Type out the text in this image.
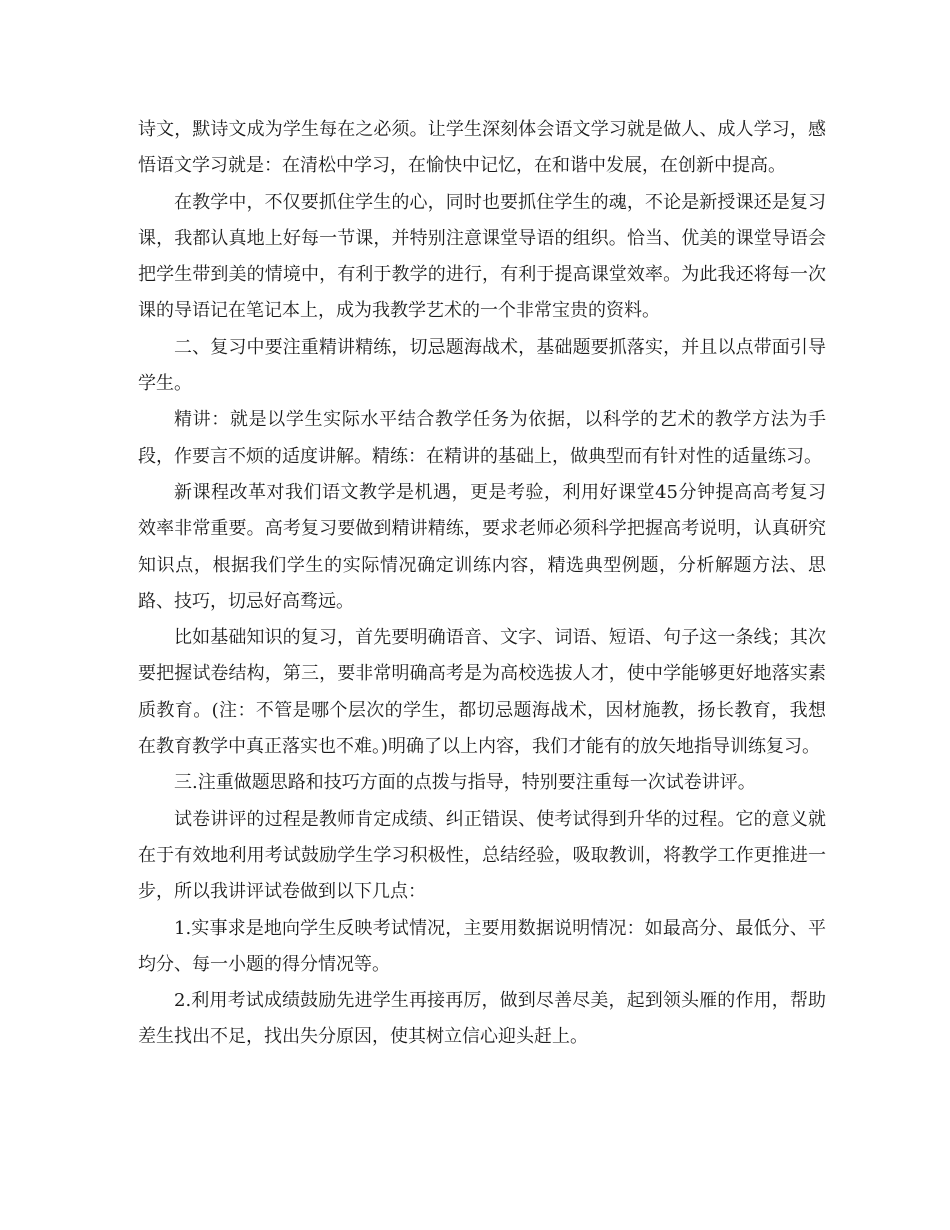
诗文，默诗文成为学生每在之必须。让学生深刻体会语文学习就是做人、成人学习，感悟语文学习就是：在清松中学习，在愉快中记忆，在和谐中发展，在创新中提高。

在教学中，不仅要抓住学生的心，同时也要抓住学生的魂，不论是新授课还是复习课，我都认真地上好每一节课，并特别注意课堂导语的组织。恰当、优美的课堂导语会把学生带到美的情境中，有利于教学的进行，有利于提高课堂效率。为此我还将每一次课的导语记在笔记本上，成为我教学艺术的一个非常宝贵的资料。

二、复习中要注重精讲精练，切忌题海战术，基础题要抓落实，并且以点带面引导学生。

精讲：就是以学生实际水平结合教学任务为依据，以科学的艺术的教学方法为手段，作要言不烦的适度讲解。精练：在精讲的基础上，做典型而有针对性的适量练习。

新课程改革对我们语文教学是机遇，更是考验，利用好课堂45分钟提高高考复习效率非常重要。高考复习要做到精讲精练，要求老师必须科学把握高考说明，认真研究知识点，根据我们学生的实际情况确定训练内容，精选典型例题，分析解题方法、思路、技巧，切忌好高骛远。

比如基础知识的复习，首先要明确语音、文字、词语、短语、句子这一条线；其次要把握试卷结构，第三，要非常明确高考是为高校选拔人才，使中学能够更好地落实素质教育。(注：不管是哪个层次的学生，都切忌题海战术，因材施教，扬长教育，我想在教育教学中真正落实也不难。)明确了以上内容，我们才能有的放矢地指导训练复习。

三.注重做题思路和技巧方面的点拨与指导，特别要注重每一次试卷讲评。

试卷讲评的过程是教师肯定成绩、纠正错误、使考试得到升华的过程。它的意义就在于有效地利用考试鼓励学生学习积极性，总结经验，吸取教训，将教学工作更推进一步，所以我讲评试卷做到以下几点：

1.实事求是地向学生反映考试情况，主要用数据说明情况：如最高分、最低分、平均分、每一小题的得分情况等。

2.利用考试成绩鼓励先进学生再接再厉，做到尽善尽美，起到领头雁的作用，帮助差生找出不足，找出失分原因，使其树立信心迎头赶上。
